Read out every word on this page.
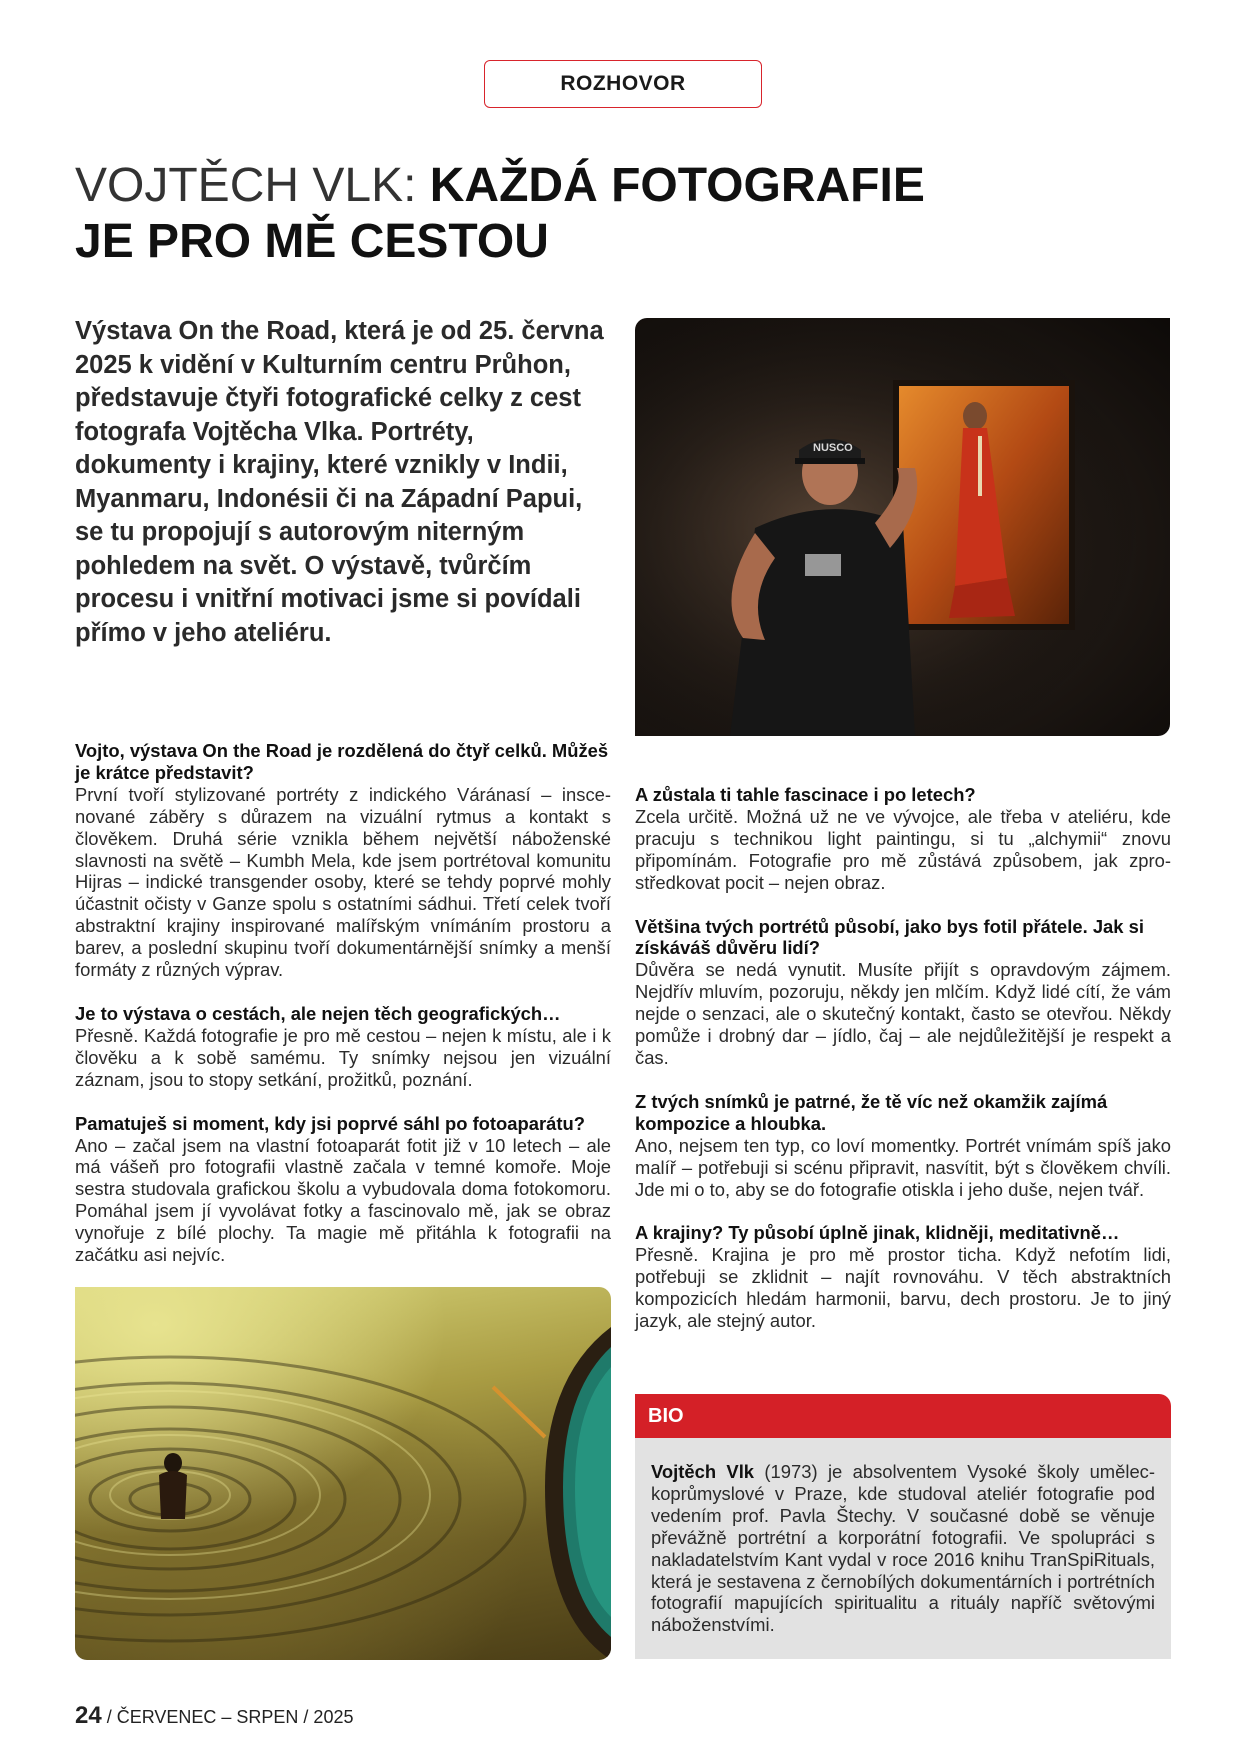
ROZHOVOR
VOJTĚCH VLK: KAŽDÁ FOTOGRAFIE
JE PRO MĚ CESTOU

Výstava On the Road, která je od 25. června 2025 k vidění v Kulturním centru Průhon, představuje čtyři fotografické celky z cest fotografa Vojtěcha Vlka. Portréty, dokumenty i krajiny, které vznikly v Indii, Myanmaru, Indonésii či na Západní Papui, se tu propojují s autorovým niterným pohledem na svět. O výstavě, tvůrčím procesu i vnitřní motivaci jsme si povídali přímo v jeho ateliéru.

NUSCO

Vojto, výstava On the Road je rozdělená do čtyř celků. Můžeš je krátce představit?

První tvoří stylizované portréty z indického Váránasí – inscenované záběry s důrazem na vizuální rytmus a kontakt s člověkem. Druhá série vznikla během největší náboženské slavnosti na světě – Kumbh Mela, kde jsem portrétoval komunitu Hijras – indické transgender osoby, které se tehdy poprvé mohly účastnit očisty v Ganze spolu s ostatními sádhui. Třetí celek tvoří abstraktní krajiny inspirované malířským vnímáním prostoru a barev, a poslední skupinu tvoří dokumentárnější snímky a menší formáty z různých výprav.

Je to výstava o cestách, ale nejen těch geografických…

Přesně. Každá fotografie je pro mě cestou – nejen k místu, ale i k člověku a k sobě samému. Ty snímky nejsou jen vizuální záznam, jsou to stopy setkání, prožitků, poznání.

Pamatuješ si moment, kdy jsi poprvé sáhl po fotoaparátu?

Ano – začal jsem na vlastní fotoaparát fotit již v 10 letech – ale má vášeň pro fotografii vlastně začala v temné komoře. Moje sestra studovala grafickou školu a vybudovala doma fotokomoru. Pomáhal jsem jí vyvolávat fotky a fascinovalo mě, jak se obraz vynořuje z bílé plochy. Ta magie mě přitáhla k fotografii na začátku asi nejvíc.

A zůstala ti tahle fascinace i po letech?

Zcela určitě. Možná už ne ve vývojce, ale třeba v ateliéru, kde pracuju s technikou light paintingu, si tu „alchymii“ znovu připomínám. Fotografie pro mě zůstává způsobem, jak zprostředkovat pocit – nejen obraz.

Většina tvých portrétů působí, jako bys fotil přátele. Jak si získáváš důvěru lidí?

Důvěra se nedá vynutit. Musíte přijít s opravdovým zájmem. Nejdřív mluvím, pozoruju, někdy jen mlčím. Když lidé cítí, že vám nejde o senzaci, ale o skutečný kontakt, často se otevřou. Někdy pomůže i drobný dar – jídlo, čaj – ale nejdůležitější je respekt a čas.

Z tvých snímků je patrné, že tě víc než okamžik zajímá kompozice a hloubka.

Ano, nejsem ten typ, co loví momentky. Portrét vnímám spíš jako malíř – potřebuji si scénu připravit, nasvítit, být s člověkem chvíli. Jde mi o to, aby se do fotografie otiskla i jeho duše, nejen tvář.

A krajiny? Ty působí úplně jinak, klidněji, meditativně…

Přesně. Krajina je pro mě prostor ticha. Když nefotím lidi, potřebuji se zklidnit – najít rovnováhu. V těch abstraktních kompozicích hledám harmonii, barvu, dech prostoru. Je to jiný jazyk, ale stejný autor.

BIO
Vojtěch Vlk (1973) je absolventem Vysoké školy uměleckoprůmyslové v Praze, kde studoval ateliér fotografie pod vedením prof. Pavla Štechy. V současné době se věnuje převážně portrétní a korporátní fotografii. Ve spolupráci s nakladatelstvím Kant vydal v roce 2016 knihu TranSpiRituals, která je sestavena z černobílých dokumentárních i portrétních fotografií mapujících spiritualitu a rituály napříč světovými náboženstvími.
24 / ČERVENEC – SRPEN / 2025
